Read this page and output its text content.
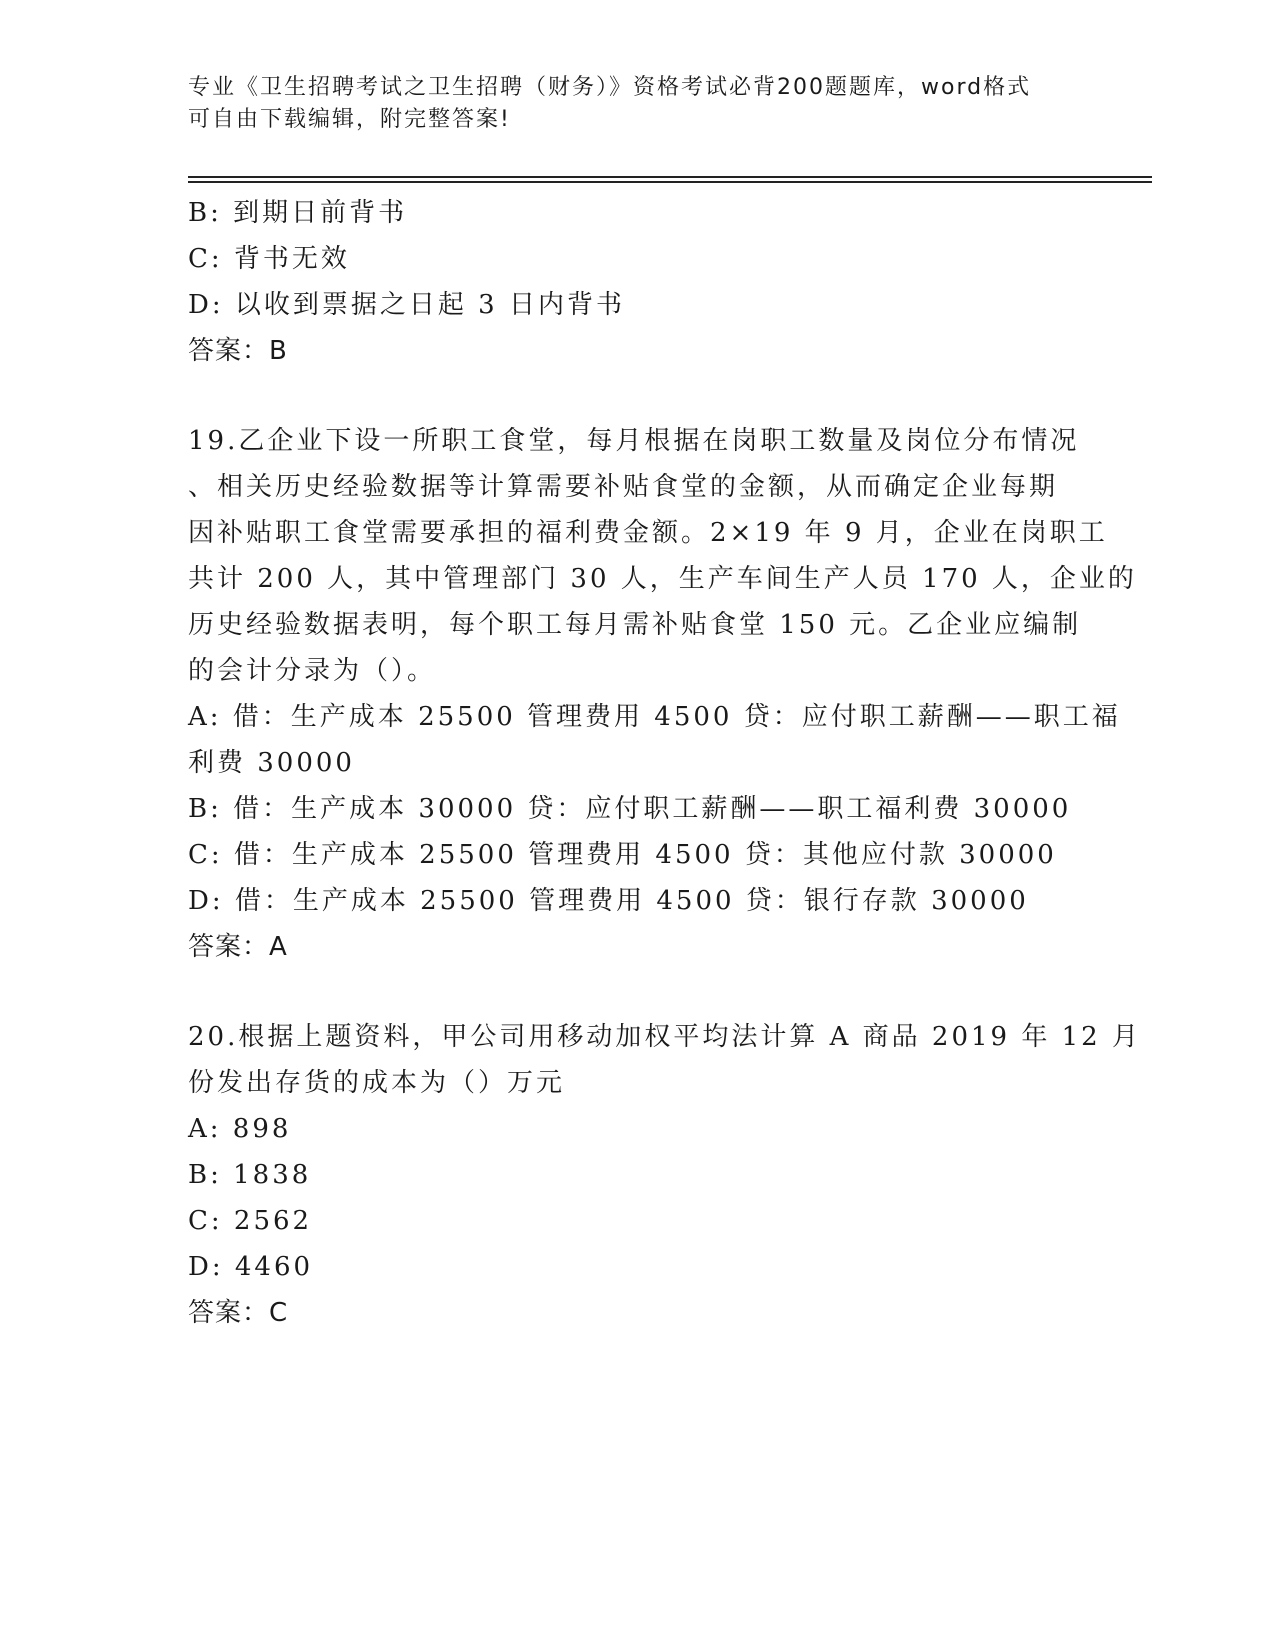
专业《卫生招聘考试之卫生招聘（财务）》资格考试必背200题题库，word格式
可自由下载编辑，附完整答案!
B: 到期日前背书
C: 背书无效
D: 以收到票据之日起 3 日内背书
答案：B
19.乙企业下设一所职工食堂，每月根据在岗职工数量及岗位分布情况
、相关历史经验数据等计算需要补贴食堂的金额，从而确定企业每期
因补贴职工食堂需要承担的福利费金额。2×19 年 9 月，企业在岗职工
共计 200 人，其中管理部门 30 人，生产车间生产人员 170 人，企业的
历史经验数据表明，每个职工每月需补贴食堂 150 元。乙企业应编制
的会计分录为（）。
A: 借：生产成本 25500 管理费用 4500 贷：应付职工薪酬——职工福
利费 30000
B: 借：生产成本 30000 贷：应付职工薪酬——职工福利费 30000
C: 借：生产成本 25500 管理费用 4500 贷：其他应付款 30000
D: 借：生产成本 25500 管理费用 4500 贷：银行存款 30000
答案：A
20.根据上题资料，甲公司用移动加权平均法计算 A 商品 2019 年 12 月
份发出存货的成本为（）万元
A: 898
B: 1838
C: 2562
D: 4460
答案：C
